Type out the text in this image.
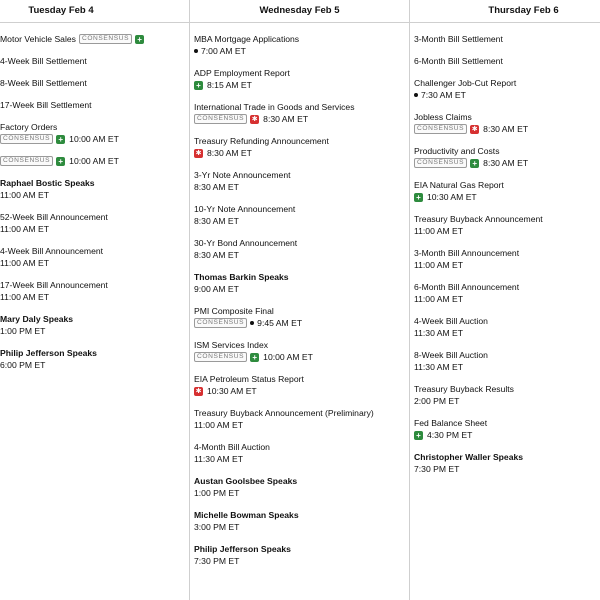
Tuesday Feb 4
Motor Vehicle Sales CONSENSUS	+
4-Week Bill Settlement
8-Week Bill Settlement
17-Week Bill Settlement
Factory Orders
CONSENSUS	+ 10:00 AM ET
CONSENSUS	+ 10:00 AM ET
Raphael Bostic Speaks
11:00 AM ET
52-Week Bill Announcement
11:00 AM ET
4-Week Bill Announcement
11:00 AM ET
17-Week Bill Announcement
11:00 AM ET
Mary Daly Speaks
1:00 PM ET
Philip Jefferson Speaks
6:00 PM ET
Wednesday Feb 5
MBA Mortgage Applications
7:00 AM ET
ADP Employment Report
+ 8:15 AM ET
International Trade in Goods and Services
CONSENSUS	✱ 8:30 AM ET
Treasury Refunding Announcement
✱ 8:30 AM ET
3-Yr Note Announcement
8:30 AM ET
10-Yr Note Announcement
8:30 AM ET
30-Yr Bond Announcement
8:30 AM ET
Thomas Barkin Speaks
9:00 AM ET
PMI Composite Final
CONSENSUS	9:45 AM ET
ISM Services Index
CONSENSUS	+ 10:00 AM ET
EIA Petroleum Status Report
✱ 10:30 AM ET
Treasury Buyback Announcement (Preliminary)
11:00 AM ET
4-Month Bill Auction
11:30 AM ET
Austan Goolsbee Speaks
1:00 PM ET
Michelle Bowman Speaks
3:00 PM ET
Philip Jefferson Speaks
7:30 PM ET
Thursday Feb 6
3-Month Bill Settlement
6-Month Bill Settlement
Challenger Job-Cut Report
7:30 AM ET
Jobless Claims
CONSENSUS	✱ 8:30 AM ET
Productivity and Costs
CONSENSUS	+ 8:30 AM ET
EIA Natural Gas Report
+ 10:30 AM ET
Treasury Buyback Announcement
11:00 AM ET
3-Month Bill Announcement
11:00 AM ET
6-Month Bill Announcement
11:00 AM ET
4-Week Bill Auction
11:30 AM ET
8-Week Bill Auction
11:30 AM ET
Treasury Buyback Results
2:00 PM ET
Fed Balance Sheet
+ 4:30 PM ET
Christopher Waller Speaks
7:30 PM ET
